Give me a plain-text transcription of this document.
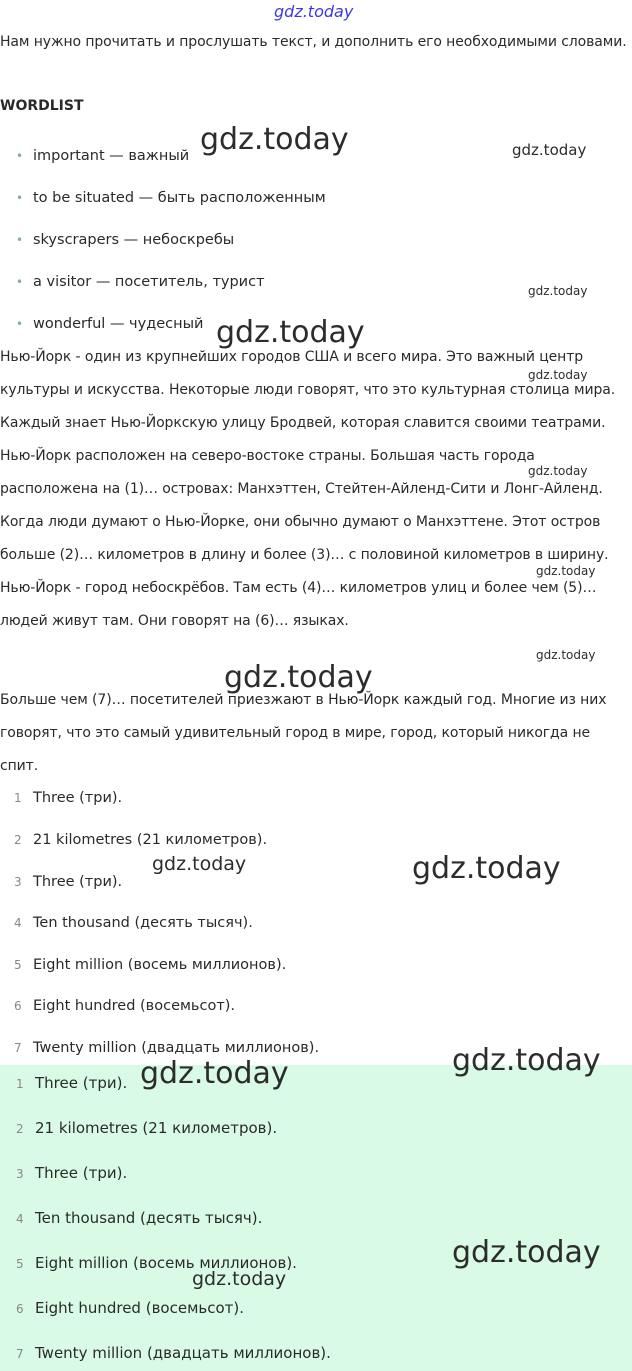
gdz.today
Нам нужно прочитать и прослушать текст, и дополнить его необходимыми словами.
WORDLIST
• important — важный
• to be situated — быть расположенным
• skyscrapers — небоскребы
• a visitor — посетитель, турист
• wonderful — чудесный
Нью-Йорк - один из крупнейших городов США и всего мира. Это важный центр культуры и искусства. Некоторые люди говорят, что это культурная столица мира. Каждый знает Нью-Йоркскую улицу Бродвей, которая славится своими театрами. Нью-Йорк расположен на северо-востоке страны. Большая часть города расположена на (1)… островах: Манхэттен, Стейтен-Айленд-Сити и Лонг-Айленд. Когда люди думают о Нью-Йорке, они обычно думают о Манхэттене. Этот остров больше (2)… километров в длину и более (3)… с половиной километров в ширину. Нью-Йорк - город небоскрёбов. Там есть (4)… километров улиц и более чем (5)… людей живут там. Они говорят на (6)… языках.
Больше чем (7)… посетителей приезжают в Нью-Йорк каждый год. Многие из них говорят, что это самый удивительный город в мире, город, который никогда не спит.
1 Three (три).
2 21 kilometres (21 километров).
3 Three (три).
4 Ten thousand (десять тысяч).
5 Eight million (восемь миллионов).
6 Eight hundred (восемьсот).
7 Twenty million (двадцать миллионов).
1 Three (три).
2 21 kilometres (21 километров).
3 Three (три).
4 Ten thousand (десять тысяч).
5 Eight million (восемь миллионов).
6 Eight hundred (восемьсот).
7 Twenty million (двадцать миллионов).
gdz.today	gdz.today
gdz.today
gdz.today
gdz.today
gdz.today
gdz.today
gdz.today
gdz.today
gdz.today	gdz.today
gdz.today
gdz.today
gdz.today
gdz.today
